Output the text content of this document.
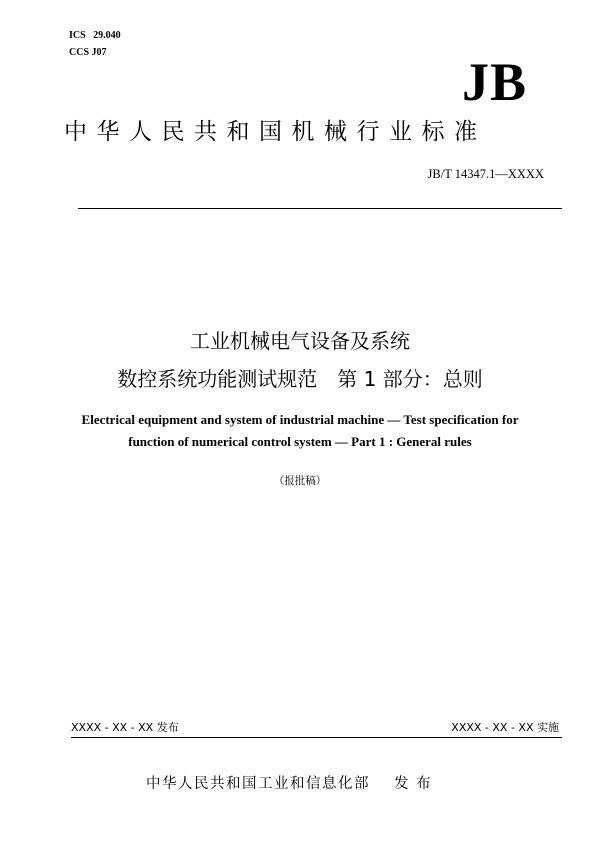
ICS   29.040
CCS J07	JB
中华人民共和国机械行业标准
JB/T 14347.1—XXXX
工业机械电气设备及系统
数控系统功能测试规范　第 1 部分：总则
Electrical equipment and system of industrial machine — Test specification for
function of numerical control system — Part 1 : General rules
（报批稿）
XXXX - XX - XX 发布	XXXX - XX - XX 实施
中华人民共和国工业和信息化部 发 布
